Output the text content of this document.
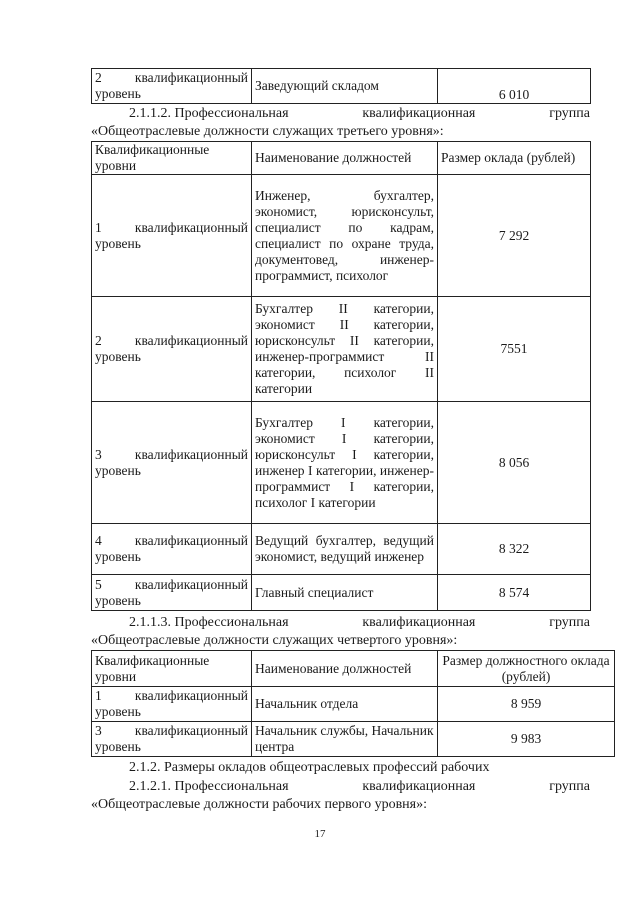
2 квалификационный
уровень
	Заведующий складом	6 010
2.1.1.2. Профессиональная	квалификационная	группа
«Общеотраслевые должности служащих третьего уровня»:
Квалификационные уровни	Наименование должностей	Размер оклада (рублей)
1 квалификационный
уровень	Инженер, бухгалтер, экономист, юрисконсульт, специалист по кадрам, специалист по охране труда, документовед, инженер-программист, психолог	7 292
2 квалификационный
уровень	Бухгалтер II категории, экономист II категории, юрисконсульт II категории, инженер-программист II категории, психолог II категории	7551
3 квалификационный
уровень	Бухгалтер I категории, экономист I категории, юрисконсульт I категории, инженер I категории, инженер-программист I категории, психолог I категории	8 056
4 квалификационный
уровень	Ведущий бухгалтер, ведущий экономист, ведущий инженер	8 322
5 квалификационный
уровень	Главный специалист	8 574
2.1.1.3. Профессиональная	квалификационная	группа
«Общеотраслевые должности служащих четвертого уровня»:
Квалификационные уровни	Наименование должностей	Размер должностного оклада (рублей)
1 квалификационный
уровень	Начальник отдела	8 959
3 квалификационный
уровень	Начальник службы, Начальник центра	9 983
2.1.2. Размеры окладов общеотраслевых профессий рабочих
2.1.2.1. Профессиональная	квалификационная	группа
«Общеотраслевые должности рабочих первого уровня»:
17
